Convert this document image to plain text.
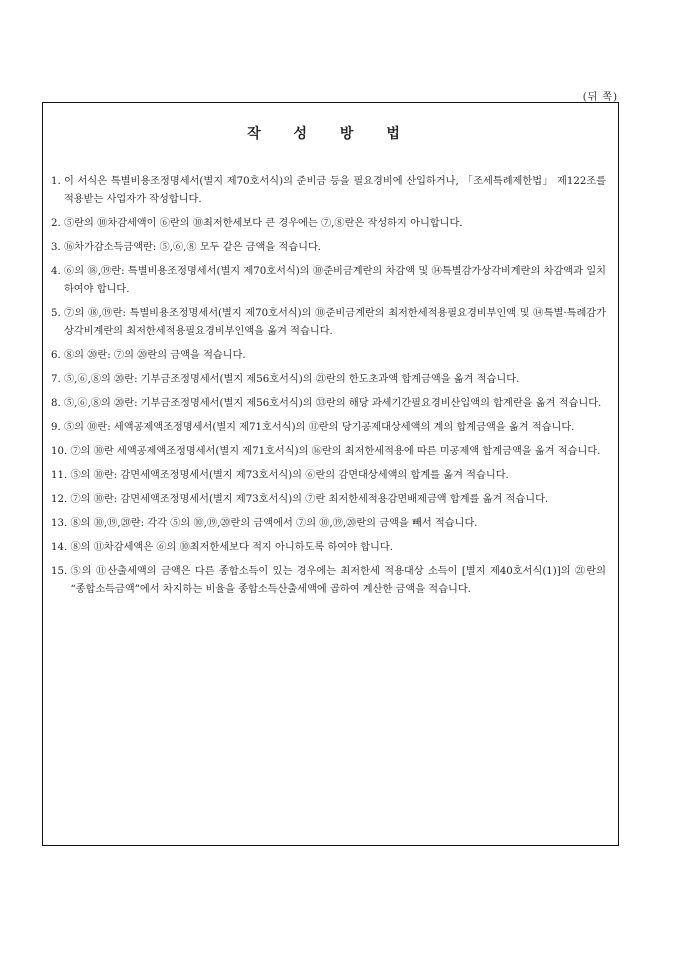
(뒤 쪽)
작 성 방 법
1. 이 서식은 특별비용조정명세서(별지 제70호서식)의 준비금 등을 필요경비에 산입하거나, 「조세특례제한법」 제122조를 적용받는 사업자가 작성합니다.
2. ⑤란의 ⑩차감세액이 ⑥란의 ⑩최저한세보다 큰 경우에는 ⑦,⑧란은 작성하지 아니합니다.
3. ⑯차가감소득금액란: ⑤,⑥,⑧ 모두 같은 금액을 적습니다.
4. ⑥의 ⑱,⑲란: 특별비용조정명세서(별지 제70호서식)의 ⑩준비금계란의 차감액 및 ⑭특별감가상각비계란의 차감액과 일치하여야 합니다.
5. ⑦의 ⑱,⑲란: 특별비용조정명세서(별지 제70호서식)의 ⑩준비금계란의 최저한세적용필요경비부인액 및 ⑭특별·특례감가상각비계란의 최저한세적용필요경비부인액을 옮겨 적습니다.
6. ⑧의 ⑳란: ⑦의 ⑳란의 금액을 적습니다.
7. ⑤,⑥,⑧의 ⑳란: 기부금조정명세서(별지 제56호서식)의 ㉑란의 한도초과액 합계금액을 옮겨 적습니다.
8. ⑤,⑥,⑧의 ⑳란: 기부금조정명세서(별지 제56호서식)의 ㉝란의 해당 과세기간필요경비산입액의 합계란을 옮겨 적습니다.
9. ⑤의 ⑩란: 세액공제액조정명세서(별지 제71호서식)의 ⑪란의 당기공제대상세액의 계의 합계금액을 옮겨 적습니다.
10. ⑦의 ⑩란 세액공제액조정명세서(별지 제71호서식)의 ⑯란의 최저한세적용에 따른 미공제액 합계금액을 옮겨 적습니다.
11. ⑤의 ⑩란: 감면세액조정명세서(별지 제73호서식)의 ⑥란의 감면대상세액의 합계를 옮겨 적습니다.
12. ⑦의 ⑩란: 감면세액조정명세서(별지 제73호서식)의 ⑦란 최저한세적용감면배제금액 합계를 옮겨 적습니다.
13. ⑧의 ⑩,⑲,⑳란: 각각 ⑤의 ⑩,⑲,⑳란의 금액에서 ⑦의 ⑩,⑲,⑳란의 금액을 빼서 적습니다.
14. ⑧의 ⑪차감세액은 ⑥의 ⑩최저한세보다 적지 아니하도록 하여야 합니다.
15. ⑤의 ⑪산출세액의 금액은 다른 종합소득이 있는 경우에는 최저한세 적용대상 소득이 [별지 제40호서식(1)]의 ㉑란의 “종합소득금액”에서 차지하는 비율을 종합소득산출세액에 곱하여 계산한 금액을 적습니다.
